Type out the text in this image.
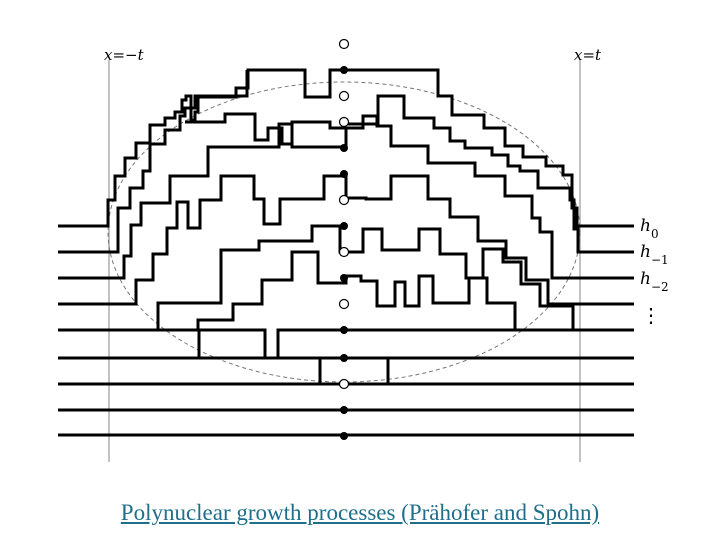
x=−t	x=t
$h_0$
$h_{-1}$
$h_{-2}$
⋮
Polynuclear growth processes (Prähofer and Spohn)
